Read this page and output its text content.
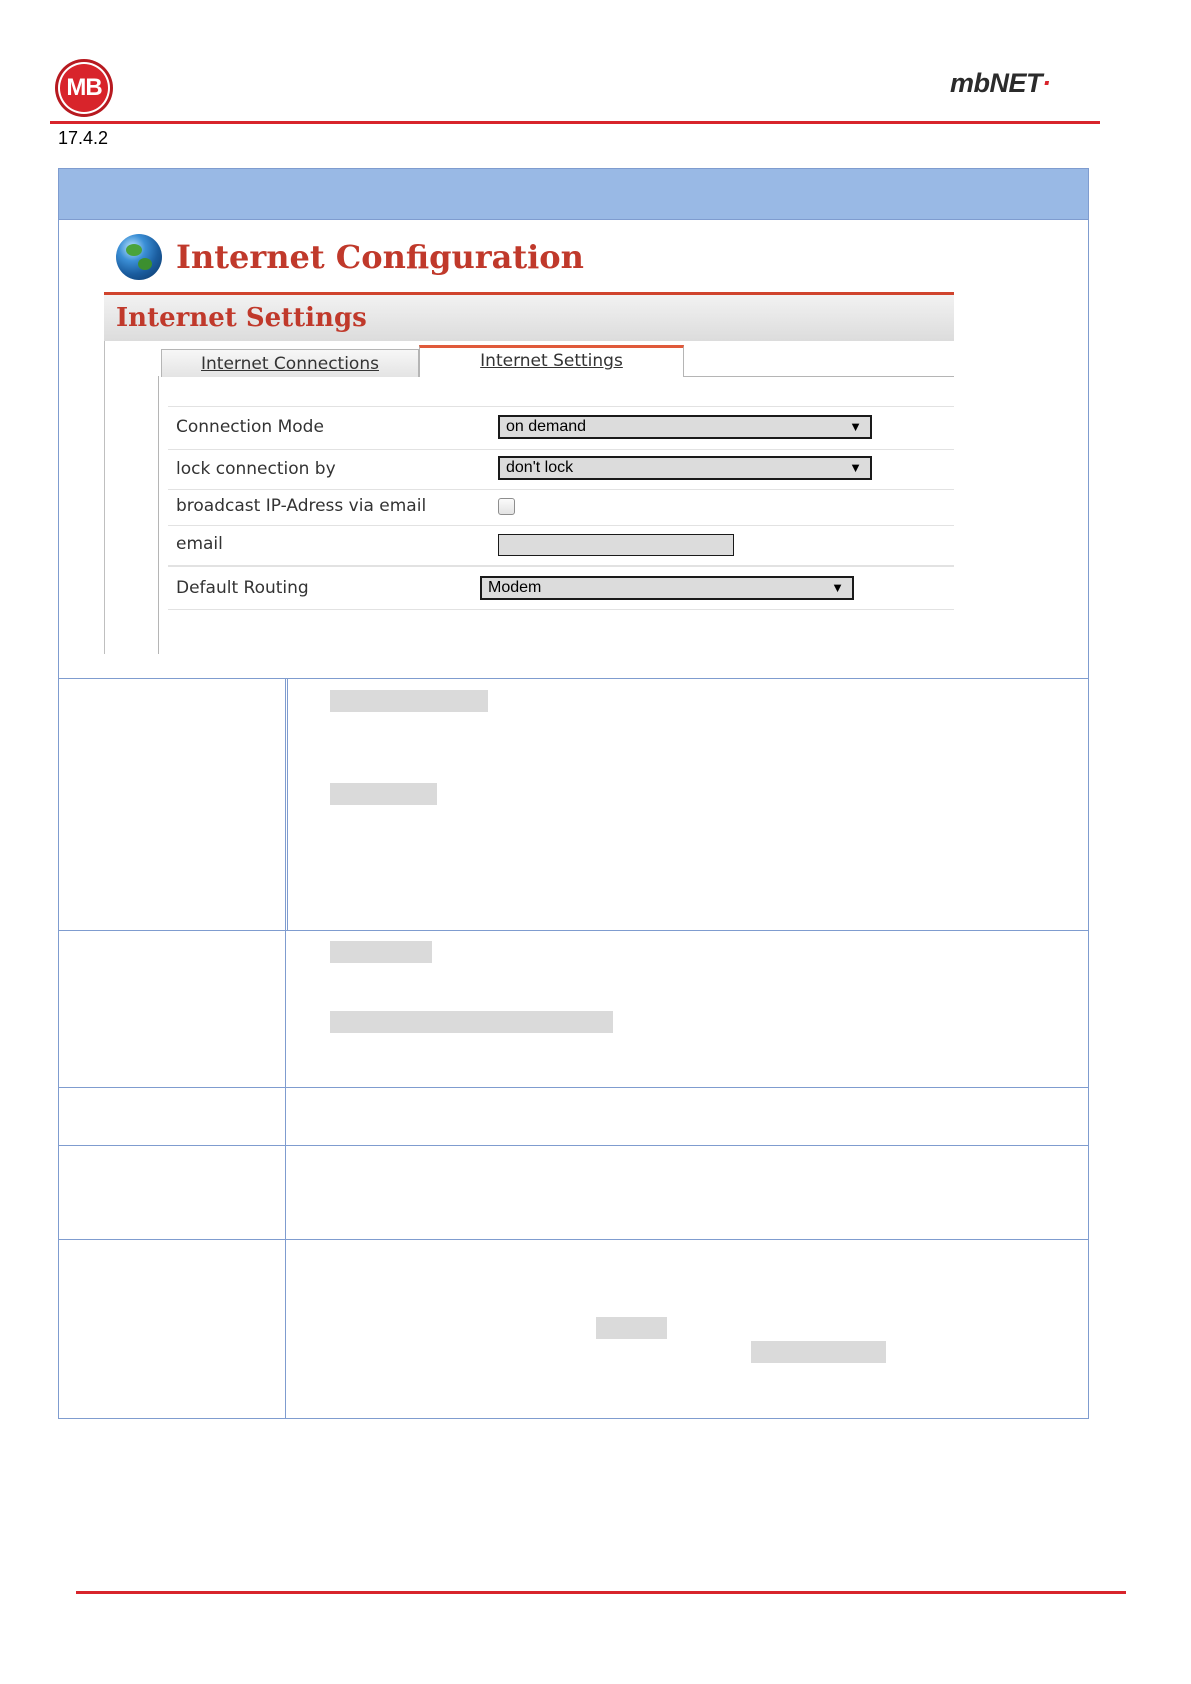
MB	mbNET·
17.4.2
Internet Configuration
Internet Settings
Internet Connections	Internet Settings
Connection Mode	on demand	▼
lock connection by	don't lock	▼
broadcast IP-Adress via email
email
Default Routing	Modem	▼
